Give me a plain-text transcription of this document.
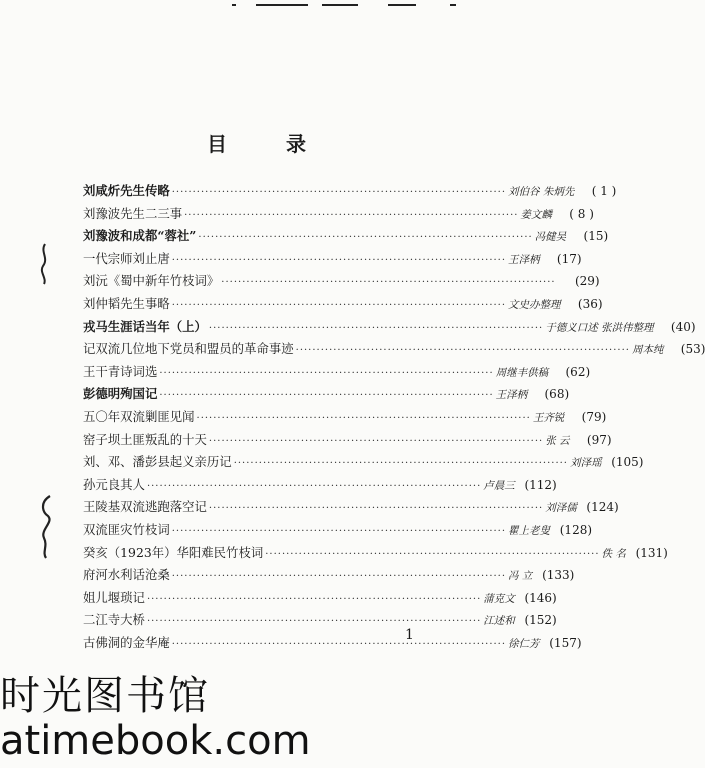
目 录
刘咸炘先生传略 ················································································ 刘伯谷 朱炳先	( 1 )
刘豫波先生二三事 ················································································ 姜文麟	( 8 )
刘豫波和成都“蓉社” ················································································ 冯健吴	(15)
一代宗师刘止唐 ················································································ 王泽柄	(17)
刘沅《蜀中新年竹枝词》 ················································································	(29)
刘仲韬先生事略 ················································································ 文史办整理	(36)
戎马生涯话当年（上） ················································································ 于德义口述 张洪伟整理	(40)
记双流几位地下党员和盟员的革命事迹 ················································································ 周本纯	(53)
王干青诗词选 ················································································ 周继丰供稿	(62)
彭德明殉国记 ················································································ 王泽柄	(68)
五〇年双流剿匪见闻 ················································································ 王齐锐	(79)
窑子坝土匪叛乱的十天 ················································································ 张 云	(97)
刘、邓、潘彭县起义亲历记 ················································································ 刘泽瑶 (105)
孙元良其人 ················································································ 卢晨三 (112)
王陵基双流逃跑落空记 ················································································ 刘泽儒 (124)
双流匪灾竹枝词 ················································································ 瞿上老叟 (128)
癸亥（1923年）华阳难民竹枝词 ················································································ 佚 名 (131)
府河水利话沧桑 ················································································ 冯 立 (133)
姐儿堰琐记 ················································································ 蒲克文 (146)
二江寺大桥 ················································································ 江述和 (152)
古佛洞的金华庵 ················································································ 徐仁芳 (157)
1
时光图书馆
atimebook.com
